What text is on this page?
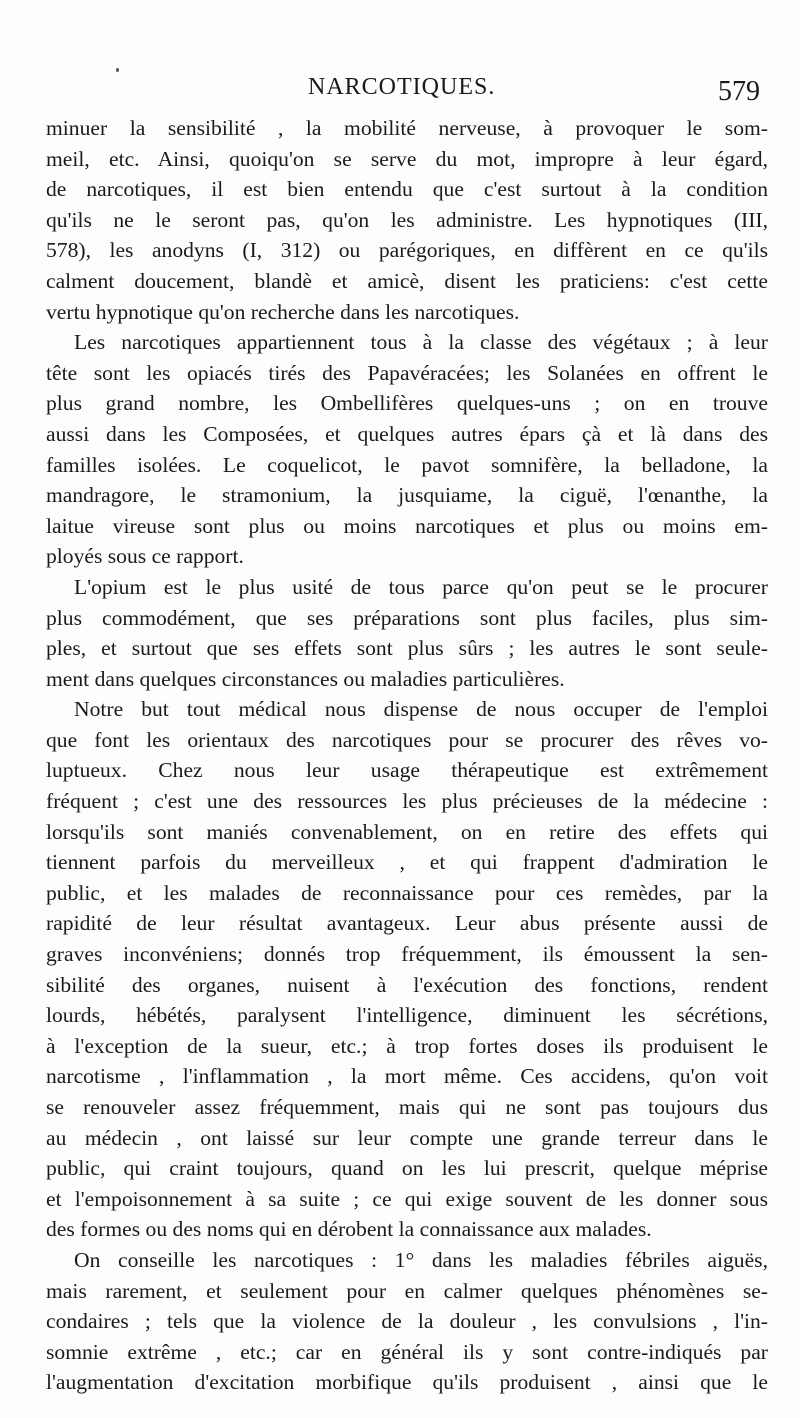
NARCOTIQUES.	579
minuer la sensibilité , la mobilité nerveuse, à provoquer le som-
meil, etc. Ainsi, quoiqu'on se serve du mot, impropre à leur égard,
de narcotiques, il est bien entendu que c'est surtout à la condition
qu'ils ne le seront pas, qu'on les administre. Les hypnotiques (III,
578), les anodyns (I, 312) ou parégoriques, en diffèrent en ce qu'ils
calment doucement, blandè et amicè, disent les praticiens: c'est cette
vertu hypnotique qu'on recherche dans les narcotiques.
Les narcotiques appartiennent tous à la classe des végétaux ; à leur
tête sont les opiacés tirés des Papavéracées; les Solanées en offrent le
plus grand nombre, les Ombellifères quelques-uns ; on en trouve
aussi dans les Composées, et quelques autres épars çà et là dans des
familles isolées. Le coquelicot, le pavot somnifère, la belladone, la
mandragore, le stramonium, la jusquiame, la ciguë, l'œnanthe, la
laitue vireuse sont plus ou moins narcotiques et plus ou moins em-
ployés sous ce rapport.
L'opium est le plus usité de tous parce qu'on peut se le procurer
plus commodément, que ses préparations sont plus faciles, plus sim-
ples, et surtout que ses effets sont plus sûrs ; les autres le sont seule-
ment dans quelques circonstances ou maladies particulières.
Notre but tout médical nous dispense de nous occuper de l'emploi
que font les orientaux des narcotiques pour se procurer des rêves vo-
luptueux. Chez nous leur usage thérapeutique est extrêmement
fréquent ; c'est une des ressources les plus précieuses de la médecine :
lorsqu'ils sont maniés convenablement, on en retire des effets qui
tiennent parfois du merveilleux , et qui frappent d'admiration le
public, et les malades de reconnaissance pour ces remèdes, par la
rapidité de leur résultat avantageux. Leur abus présente aussi de
graves inconvéniens; donnés trop fréquemment, ils émoussent la sen-
sibilité des organes, nuisent à l'exécution des fonctions, rendent
lourds, hébétés, paralysent l'intelligence, diminuent les sécrétions,
à l'exception de la sueur, etc.; à trop fortes doses ils produisent le
narcotisme , l'inflammation , la mort même. Ces accidens, qu'on voit
se renouveler assez fréquemment, mais qui ne sont pas toujours dus
au médecin , ont laissé sur leur compte une grande terreur dans le
public, qui craint toujours, quand on les lui prescrit, quelque méprise
et l'empoisonnement à sa suite ; ce qui exige souvent de les donner sous
des formes ou des noms qui en dérobent la connaissance aux malades.
On conseille les narcotiques : 1° dans les maladies fébriles aiguës,
mais rarement, et seulement pour en calmer quelques phénomènes se-
condaires ; tels que la violence de la douleur , les convulsions , l'in-
somnie extrême , etc.; car en général ils y sont contre-indiqués par
l'augmentation d'excitation morbifique qu'ils produisent , ainsi que le
